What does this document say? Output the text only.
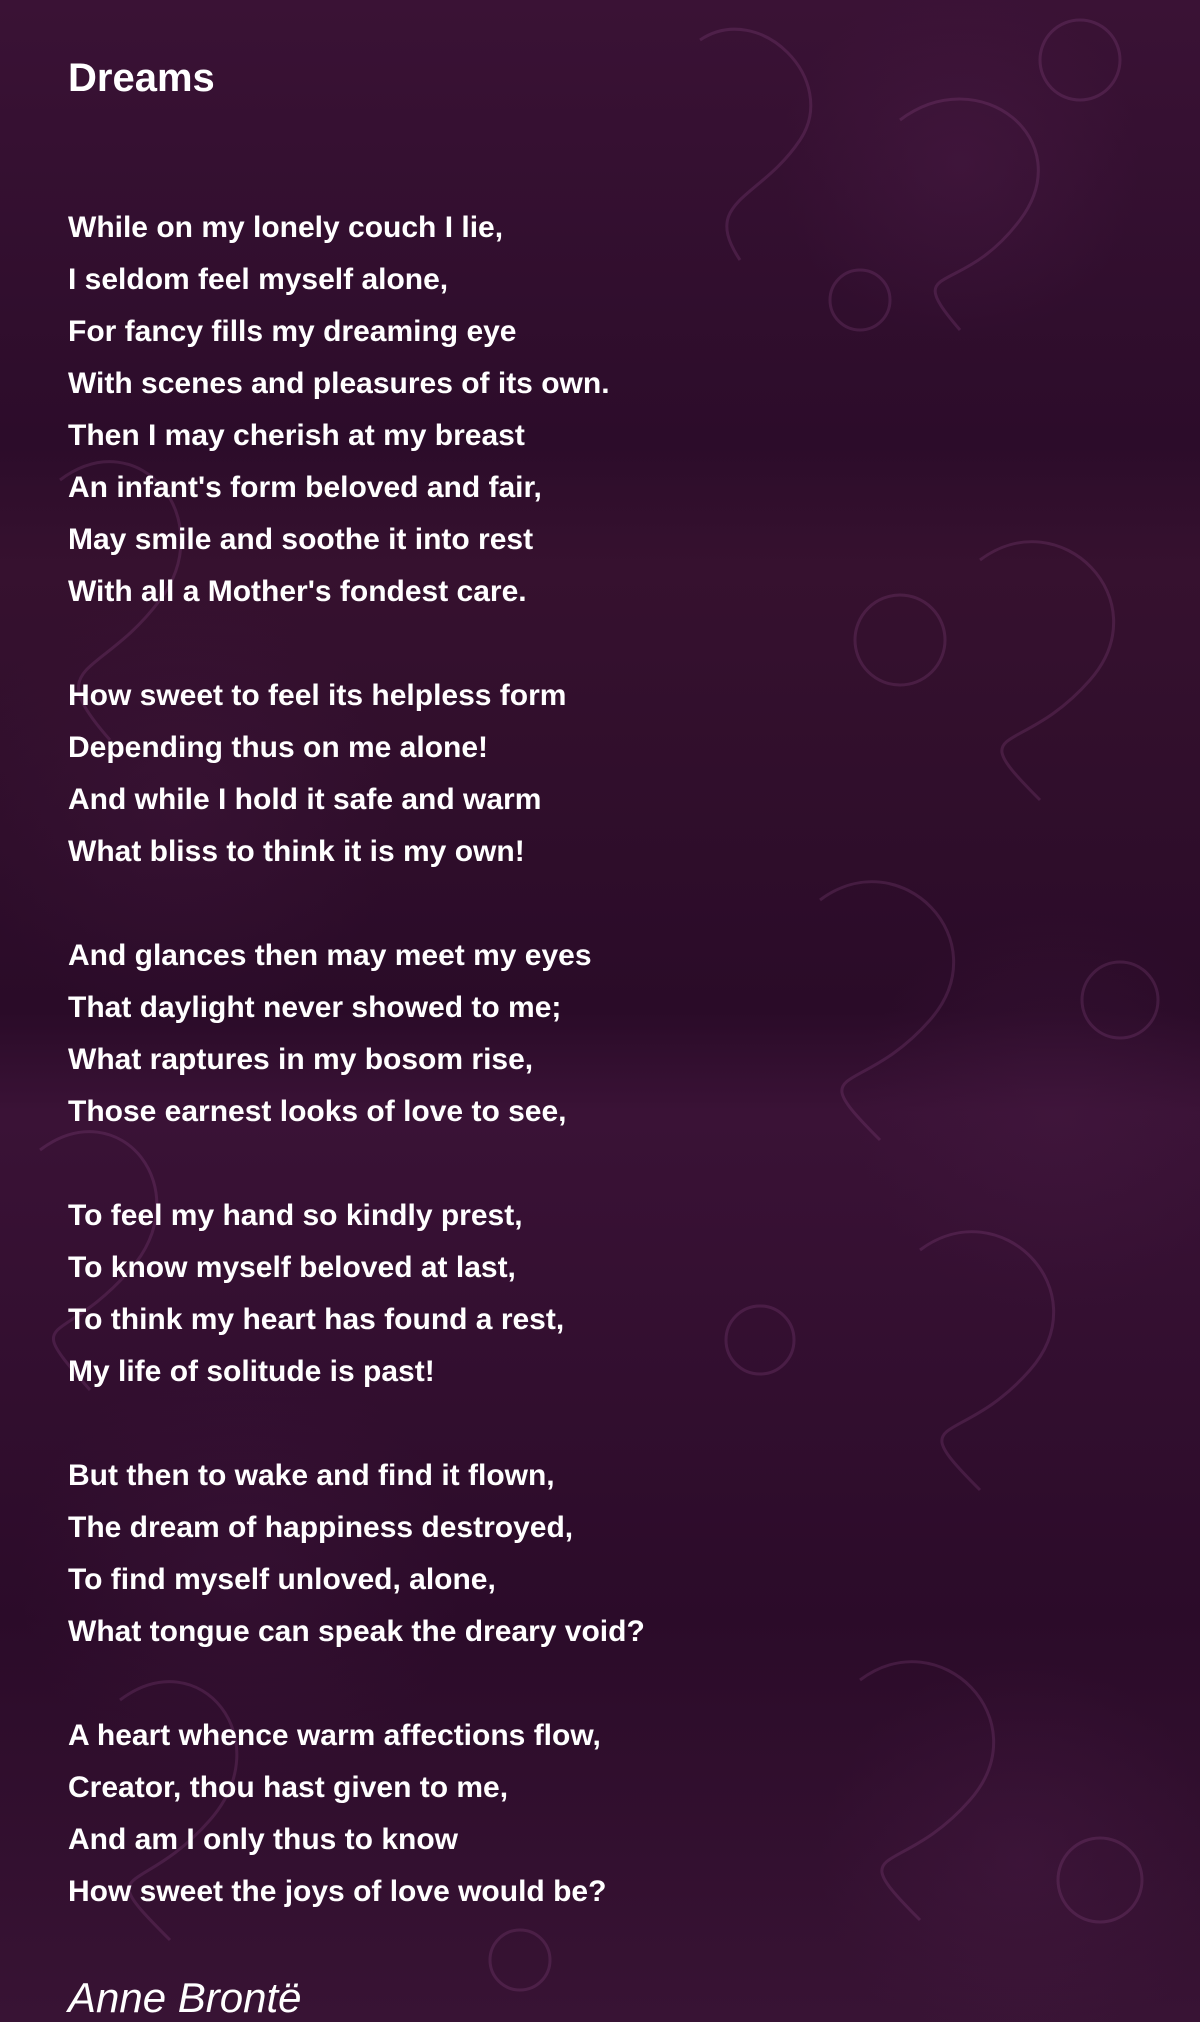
Dreams
While on my lonely couch I lie,
I seldom feel myself alone,
For fancy fills my dreaming eye
With scenes and pleasures of its own.
Then I may cherish at my breast
An infant's form beloved and fair,
May smile and soothe it into rest
With all a Mother's fondest care.
How sweet to feel its helpless form
Depending thus on me alone!
And while I hold it safe and warm
What bliss to think it is my own!
And glances then may meet my eyes
That daylight never showed to me;
What raptures in my bosom rise,
Those earnest looks of love to see,
To feel my hand so kindly prest,
To know myself beloved at last,
To think my heart has found a rest,
My life of solitude is past!
But then to wake and find it flown,
The dream of happiness destroyed,
To find myself unloved, alone,
What tongue can speak the dreary void?
A heart whence warm affections flow,
Creator, thou hast given to me,
And am I only thus to know
How sweet the joys of love would be?

Anne Brontë
